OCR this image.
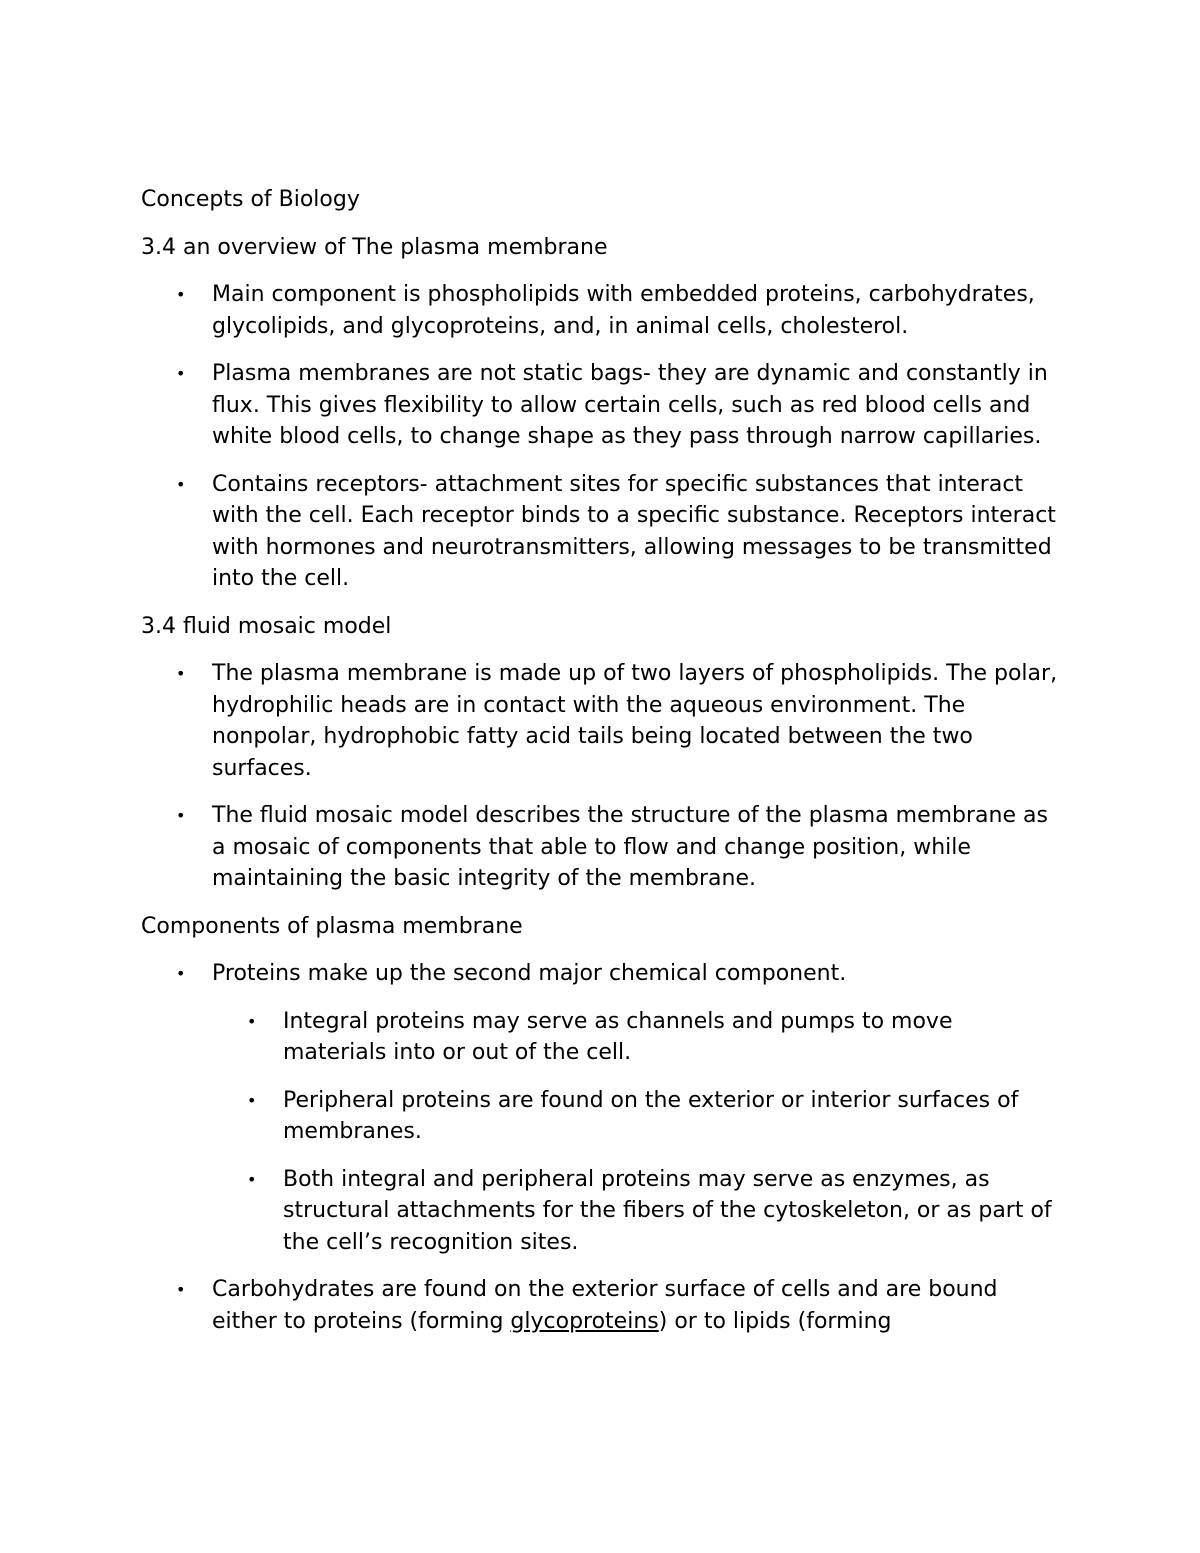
Concepts of Biology

3.4 an overview of The plasma membrane

• Main component is phospholipids with embedded proteins, carbohydrates, glycolipids, and glycoproteins, and, in animal cells, cholesterol.
• Plasma membranes are not static bags- they are dynamic and constantly in flux. This gives flexibility to allow certain cells, such as red blood cells and white blood cells, to change shape as they pass through narrow capillaries.
• Contains receptors- attachment sites for specific substances that interact with the cell. Each receptor binds to a specific substance. Receptors interact with hormones and neurotransmitters, allowing messages to be transmitted into the cell.

3.4 fluid mosaic model

• The plasma membrane is made up of two layers of phospholipids. The polar, hydrophilic heads are in contact with the aqueous environment. The nonpolar, hydrophobic fatty acid tails being located between the two surfaces.
• The fluid mosaic model describes the structure of the plasma membrane as a mosaic of components that able to flow and change position, while maintaining the basic integrity of the membrane.

Components of plasma membrane

• Proteins make up the second major chemical component.
• Integral proteins may serve as channels and pumps to move materials into or out of the cell.
• Peripheral proteins are found on the exterior or interior surfaces of membranes.
• Both integral and peripheral proteins may serve as enzymes, as structural attachments for the fibers of the cytoskeleton, or as part of the cell’s recognition sites.
• Carbohydrates are found on the exterior surface of cells and are bound either to proteins (forming glycoproteins) or to lipids (forming
